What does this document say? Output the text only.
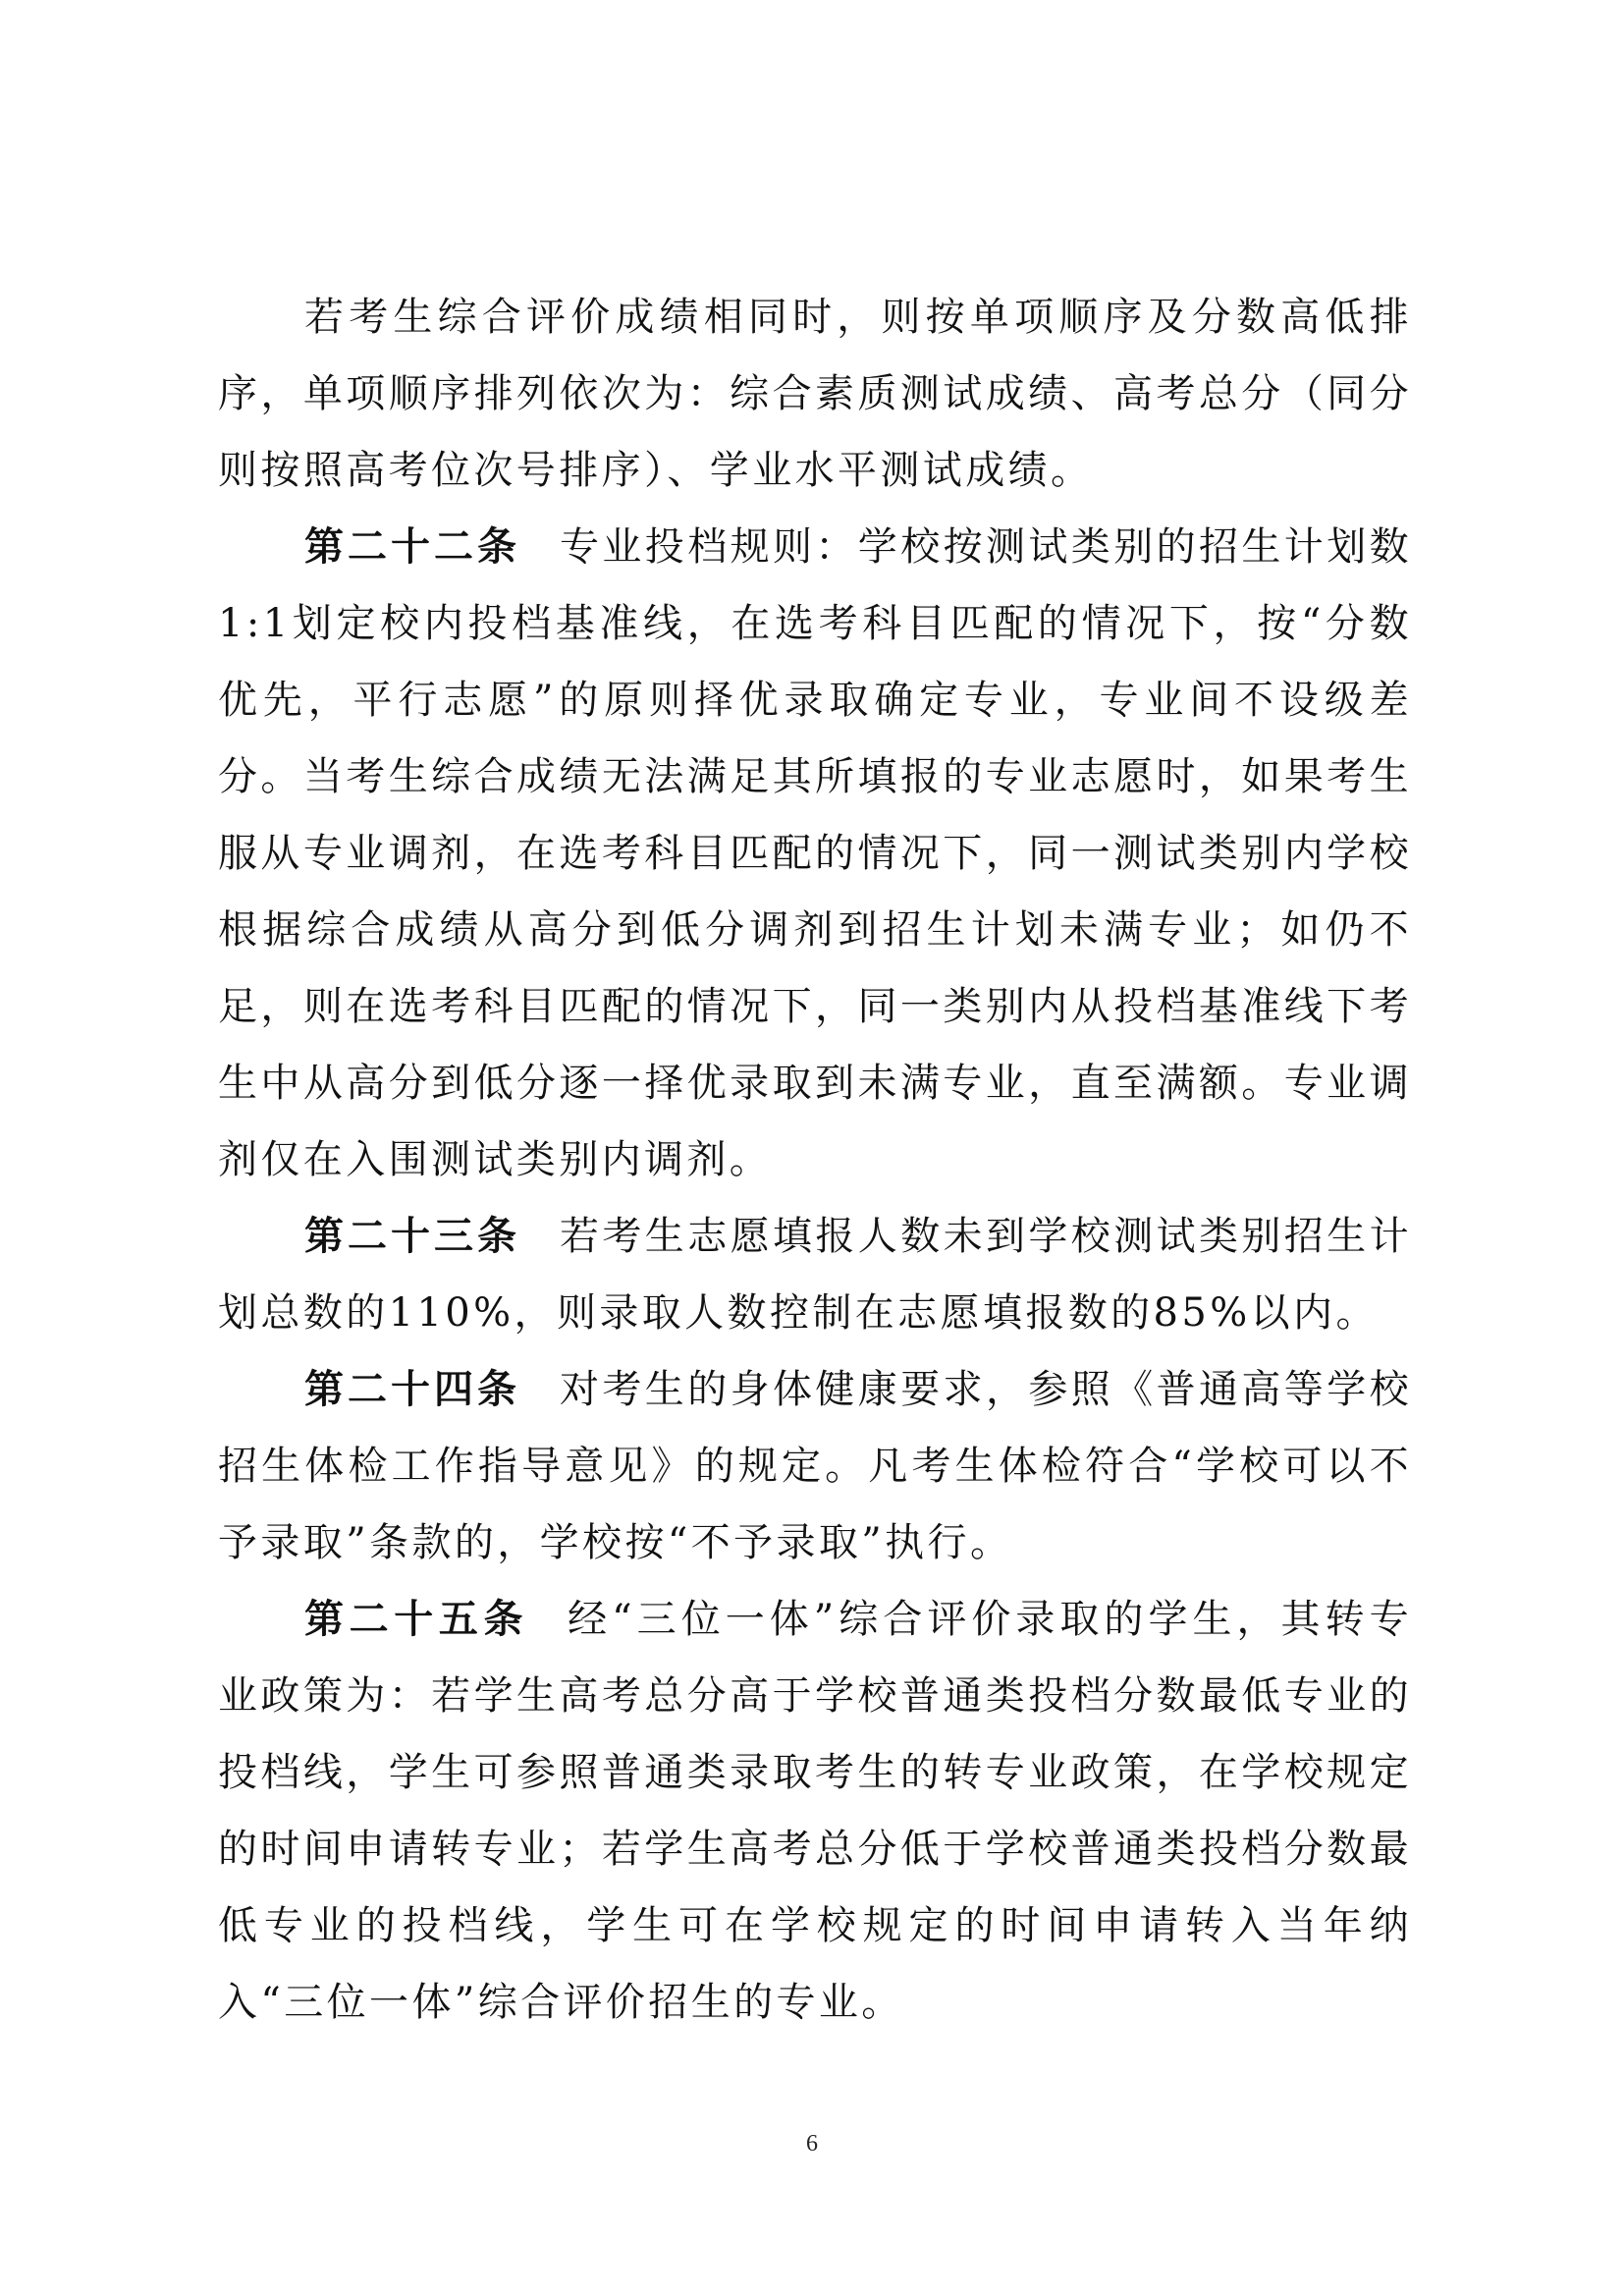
若考生综合评价成绩相同时，则按单项顺序及分数高低排序，单项顺序排列依次为：综合素质测试成绩、高考总分（同分则按照高考位次号排序）、学业水平测试成绩。

第二十二条 专业投档规则：学校按测试类别的招生计划数1:1划定校内投档基准线，在选考科目匹配的情况下，按“分数优先，平行志愿”的原则择优录取确定专业，专业间不设级差分。当考生综合成绩无法满足其所填报的专业志愿时，如果考生服从专业调剂，在选考科目匹配的情况下，同一测试类别内学校根据综合成绩从高分到低分调剂到招生计划未满专业；如仍不足，则在选考科目匹配的情况下，同一类别内从投档基准线下考生中从高分到低分逐一择优录取到未满专业，直至满额。专业调剂仅在入围测试类别内调剂。

第二十三条 若考生志愿填报人数未到学校测试类别招生计划总数的110%，则录取人数控制在志愿填报数的85%以内。

第二十四条 对考生的身体健康要求，参照《普通高等学校招生体检工作指导意见》的规定。凡考生体检符合“学校可以不予录取”条款的，学校按“不予录取”执行。

第二十五条 经“三位一体”综合评价录取的学生，其转专业政策为：若学生高考总分高于学校普通类投档分数最低专业的投档线，学生可参照普通类录取考生的转专业政策，在学校规定的时间申请转专业；若学生高考总分低于学校普通类投档分数最低专业的投档线，学生可在学校规定的时间申请转入当年纳入“三位一体”综合评价招生的专业。

6
